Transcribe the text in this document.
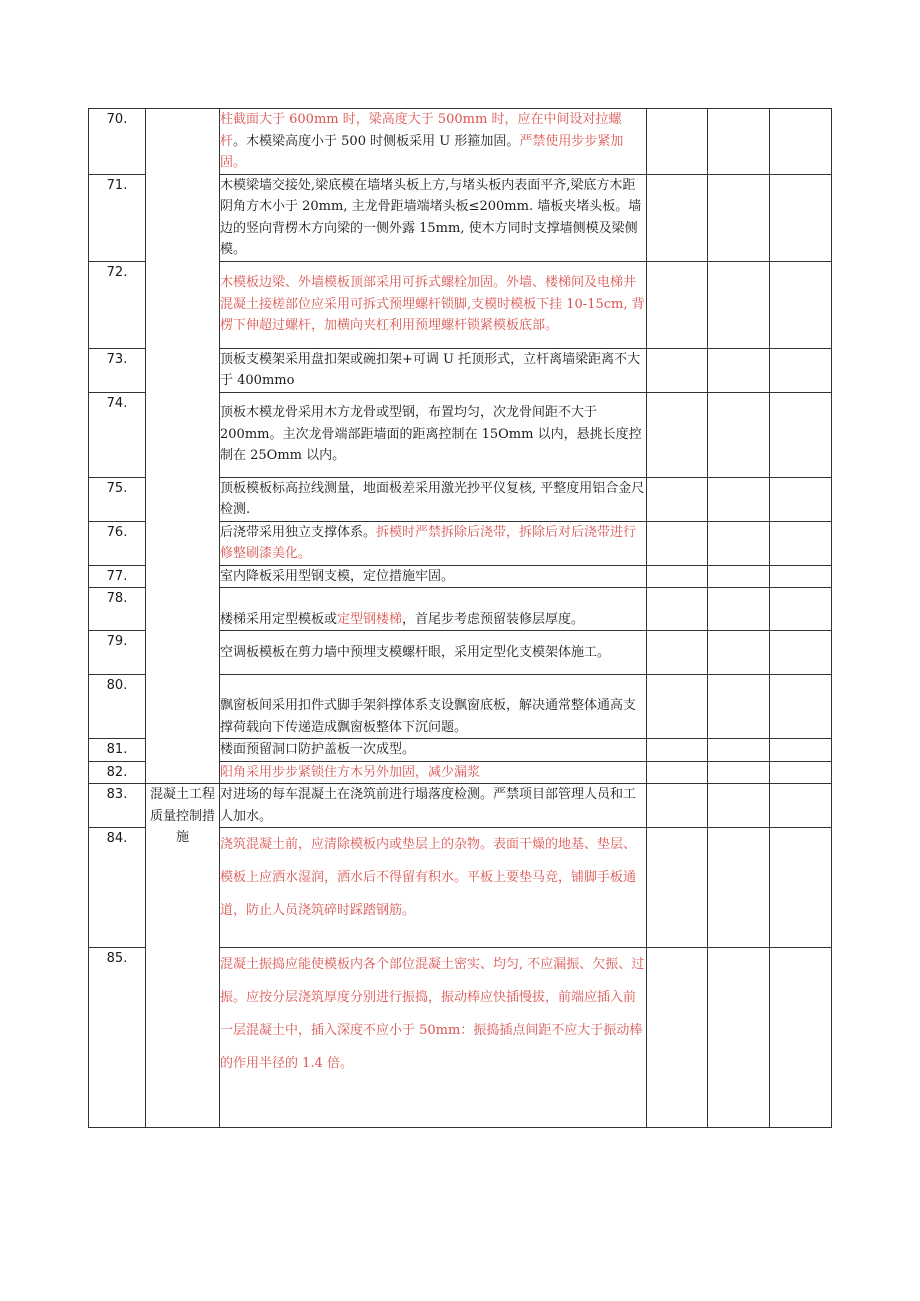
70.		柱截面大于 600mm 时，梁高度大于 500mm 时，应在中间设对拉螺杆。木模梁高度小于 500 时侧板采用 U 形箍加固。严禁使用步步紧加固。			
71.		木模梁墙交接处,梁底模在墙堵头板上方,与堵头板内表面平齐,梁底方木距阴角方木小于 20mm, 主龙骨距墙端堵头板≤200mm. 墙板夹堵头板。墙边的竖向背楞木方向梁的一侧外露 15mm, 使木方同时支撑墙侧模及梁侧模。			
72.		木模板边梁、外墙模板顶部采用可拆式螺栓加固。外墙、楼梯间及电梯井混凝土接槎部位应采用可拆式预埋螺杆锁脚,支模时模板下挂 10-15cm, 背楞下伸超过螺杆，加横向夹杠利用预埋螺杆锁紧模板底部。			
73.		顶板支模架采用盘扣架或碗扣架+可调 U 托顶形式，立杆离墙梁距离不大于 400mmo			
74.		顶板木模龙骨采用木方龙骨或型钢，布置均匀，次龙骨间距不大于 200mm。主次龙骨端部距墙面的距离控制在 15Omm 以内，悬挑长度控制在 25Omm 以内。			
75.		顶板模板标高拉线测量，地面极差采用激光抄平仪复核, 平整度用铝合金尺检测.			
76.		后浇带采用独立支撑体系。拆模时严禁拆除后浇带，拆除后对后浇带进行修整刷漆美化。			
77.		室内降板采用型钢支模，定位措施牢固。			
78.		楼梯采用定型模板或定型钢楼梯，首尾步考虑预留装修层厚度。			
79.		空调板模板在剪力墙中预埋支模螺杆眼，采用定型化支模架体施工。			
80.		飘窗板间采用扣件式脚手架斜撑体系支设飘窗底板，解决通常整体通高支撑荷载向下传递造成飘窗板整体下沉问题。			
81.		楼面预留洞口防护盖板一次成型。			
82.		阳角采用步步紧锁住方木另外加固，减少漏浆			
83.	混凝土工程质量控制措施	对进场的每车混凝土在浇筑前进行塌落度检测。严禁项目部管理人员和工人加水。			
84.		浇筑混凝土前，应清除模板内或垫层上的杂物。表面干燥的地基、垫层、模板上应洒水湿润，洒水后不得留有积水。平板上要垫马竞，铺脚手板通道，防止人员浇筑碎时踩踏钢筋。			
85.		混凝土振捣应能使模板内各个部位混凝土密实、均匀, 不应漏振、欠振、过振。应按分层浇筑厚度分别进行振捣，振动棒应快插慢拔，前端应插入前一层混凝土中，插入深度不应小于 50mm：振捣插点间距不应大于振动棒的作用半径的 1.4 倍。			
